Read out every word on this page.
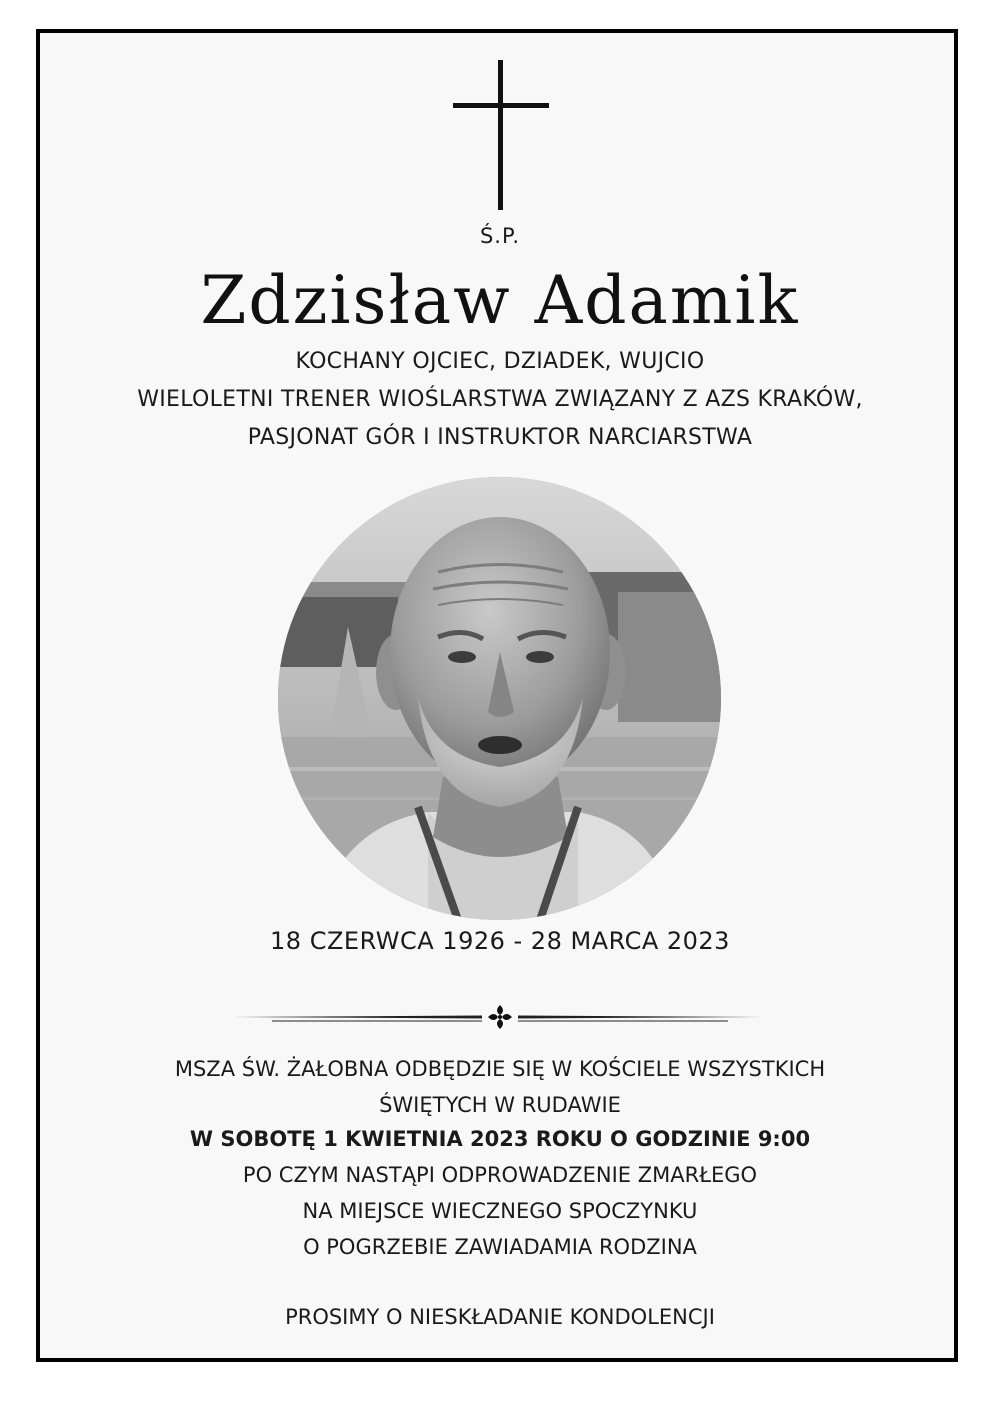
Ś.P.
Zdzisław Adamik
KOCHANY OJCIEC, DZIADEK, WUJCIO
WIELOLETNI TRENER WIOŚLARSTWA ZWIĄZANY Z AZS KRAKÓW,
PASJONAT GÓR I INSTRUKTOR NARCIARSTWA
18 CZERWCA 1926 - 28 MARCA 2023
MSZA ŚW. ŻAŁOBNA ODBĘDZIE SIĘ W KOŚCIELE WSZYSTKICH
ŚWIĘTYCH W RUDAWIE
W SOBOTĘ 1 KWIETNIA 2023 ROKU O GODZINIE 9:00
PO CZYM NASTĄPI ODPROWADZENIE ZMARŁEGO
NA MIEJSCE WIECZNEGO SPOCZYNKU
O POGRZEBIE ZAWIADAMIA RODZINA
PROSIMY O NIESKŁADANIE KONDOLENCJI
